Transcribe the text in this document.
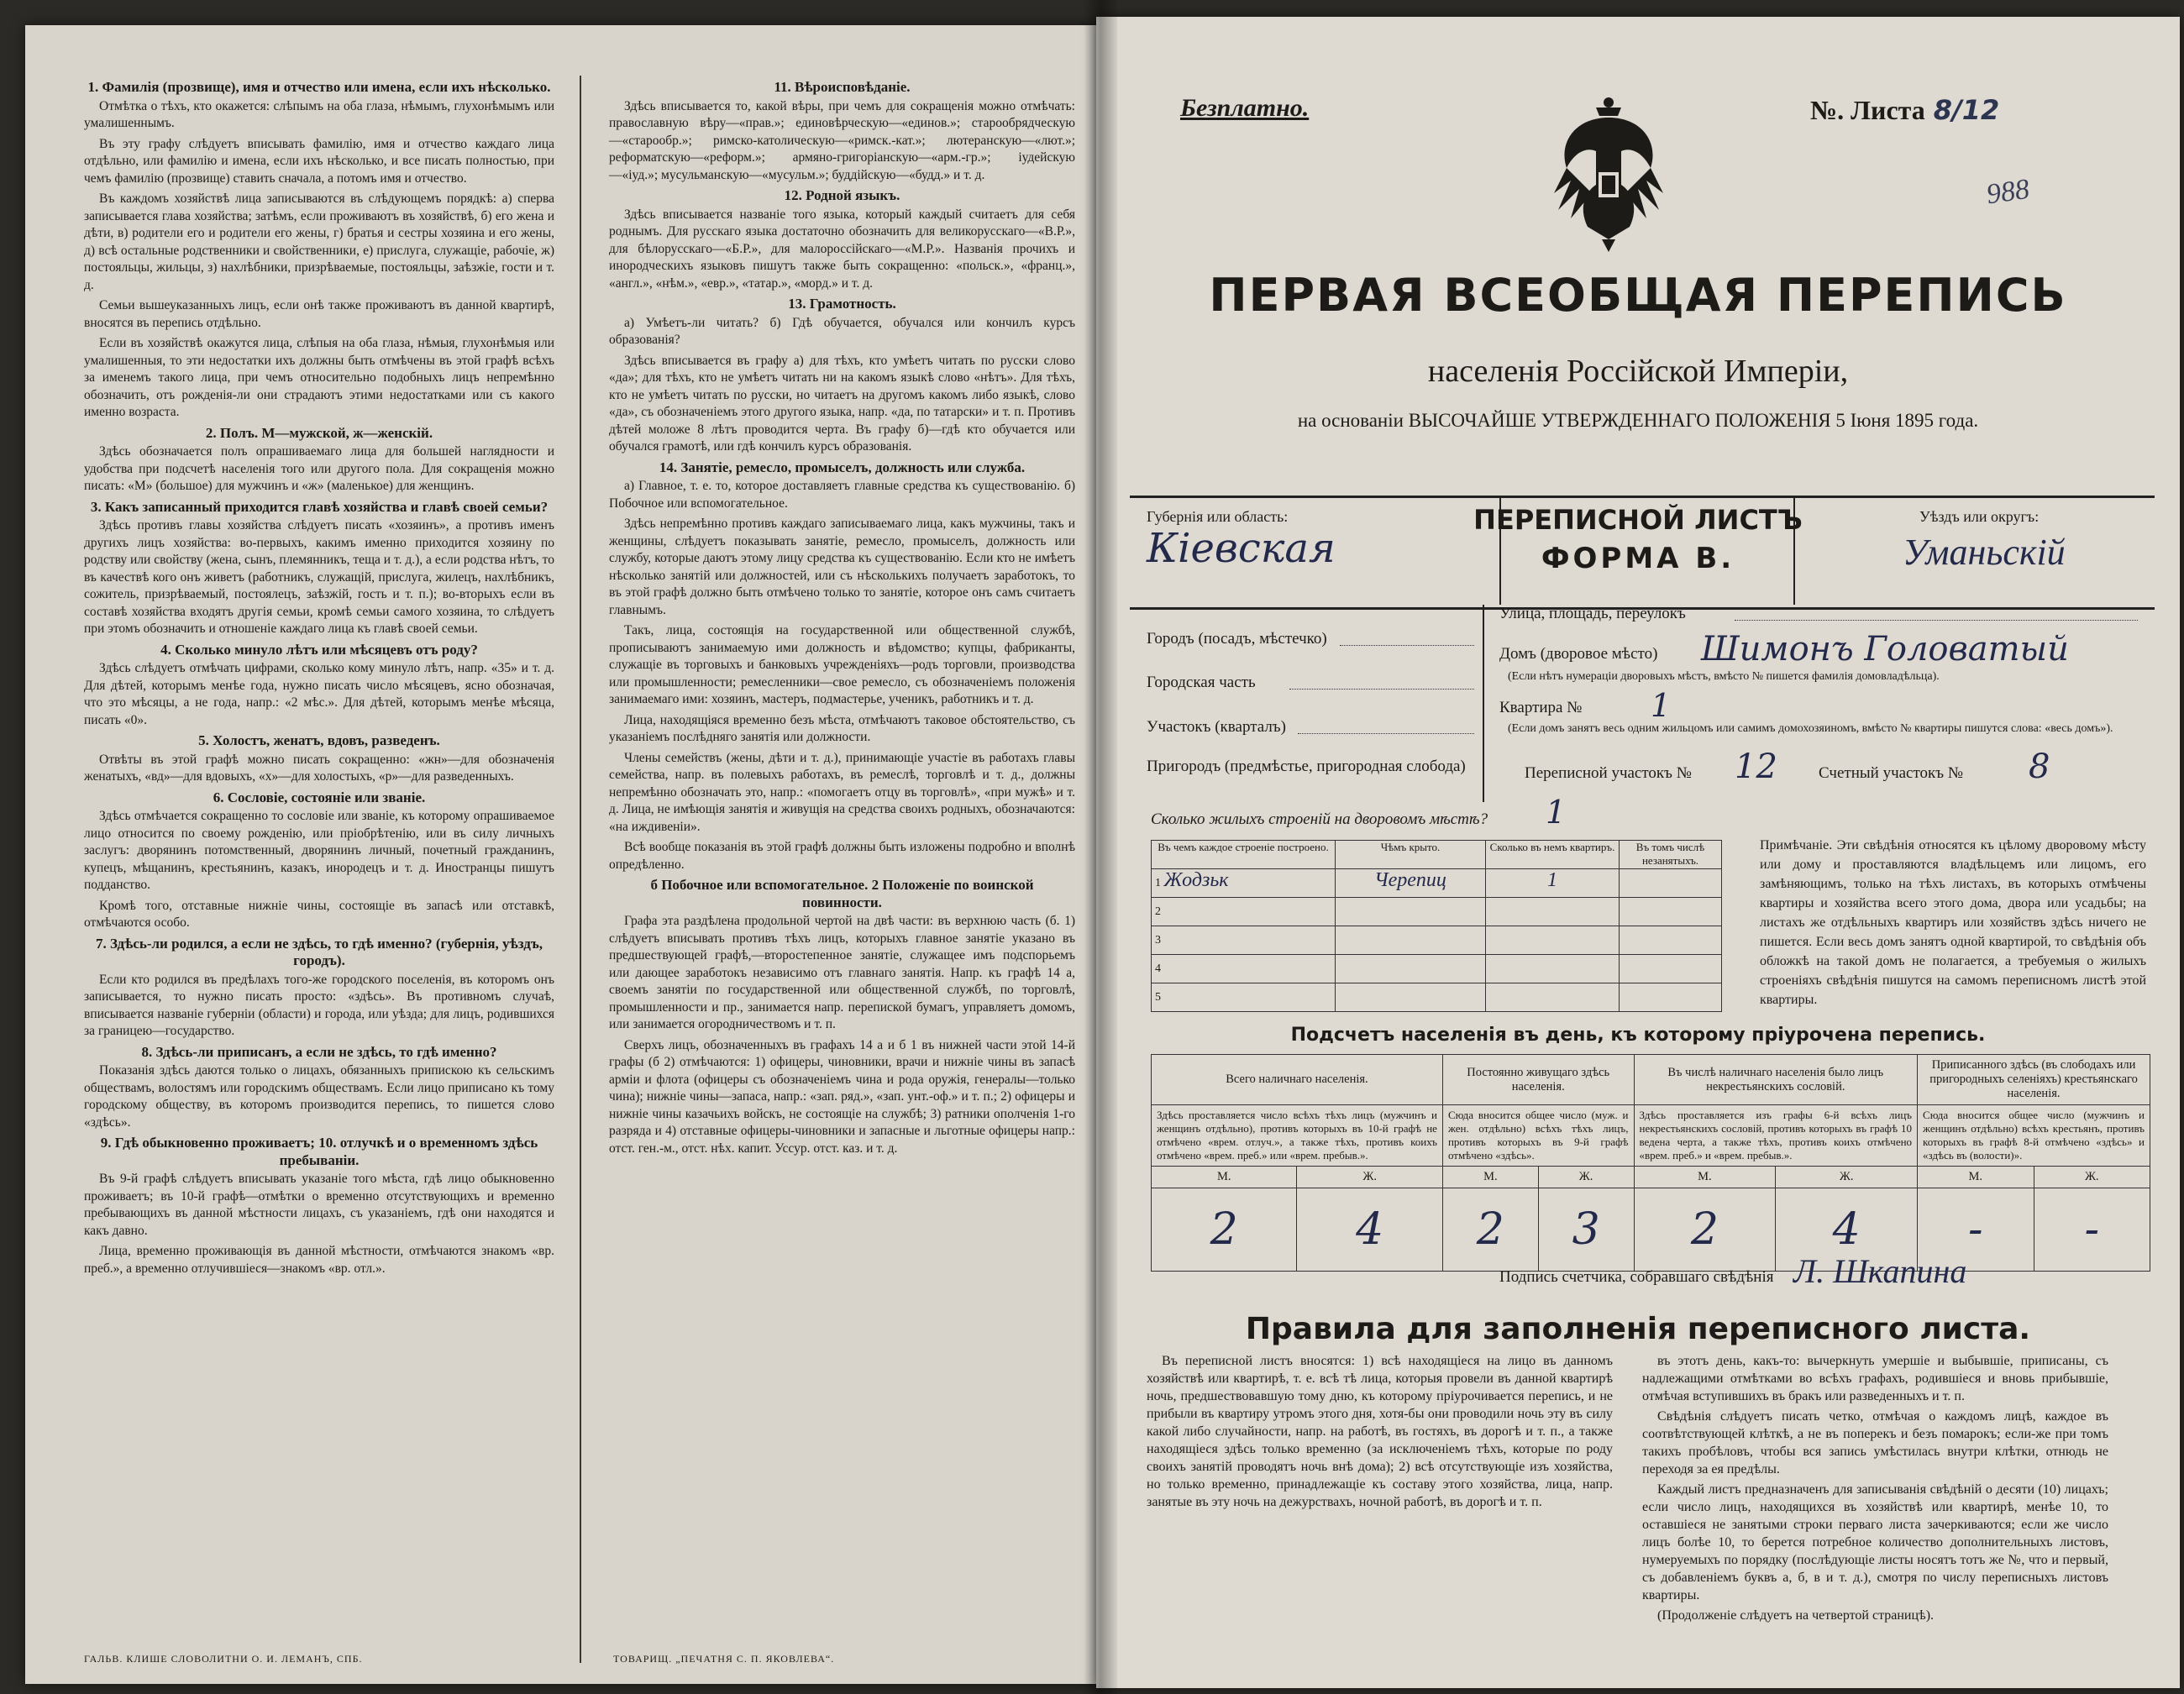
1. Фамилія (прозвище), имя и отчество или имена, если ихъ нѣсколько.

Отмѣтка о тѣхъ, кто окажется: слѣпымъ на оба глаза, нѣмымъ, глухонѣмымъ или умалишеннымъ.

Въ эту графу слѣдуетъ вписывать фамилію, имя и отчество каждаго лица отдѣльно, или фамилію и имена, если ихъ нѣсколько, и все писать полностью, при чемъ фамилію (прозвище) ставить сначала, а потомъ имя и отчество.

Въ каждомъ хозяйствѣ лица записываются въ слѣдующемъ порядкѣ: а) сперва записывается глава хозяйства; затѣмъ, если проживаютъ въ хозяйствѣ, б) его жена и дѣти, в) родители его и родители его жены, г) братья и сестры хозяина и его жены, д) всѣ остальные родственники и свойственники, е) прислуга, служащіе, рабочіе, ж) постояльцы, жильцы, з) нахлѣбники, призрѣваемые, постояльцы, заѣзжіе, гости и т. д.

Семьи вышеуказанныхъ лицъ, если онѣ также проживаютъ въ данной квартирѣ, вносятся въ перепись отдѣльно.

Если въ хозяйствѣ окажутся лица, слѣпыя на оба глаза, нѣмыя, глухонѣмыя или умалишенныя, то эти недостатки ихъ должны быть отмѣчены въ этой графѣ всѣхъ за именемъ такого лица, при чемъ относительно подобныхъ лицъ непремѣнно обозначить, отъ рожденія-ли они страдаютъ этими недостатками или съ какого именно возраста.

2. Полъ. М—мужской, ж—женскій.

Здѣсь обозначается полъ опрашиваемаго лица для большей наглядности и удобства при подсчетѣ населенія того или другого пола. Для сокращенія можно писать: «М» (большое) для мужчинъ и «ж» (маленькое) для женщинъ.

3. Какъ записанный приходится главѣ хозяйства и главѣ своей семьи?

Здѣсь противъ главы хозяйства слѣдуетъ писать «хозяинъ», а противъ именъ другихъ лицъ хозяйства: во-первыхъ, какимъ именно приходится хозяину по родству или свойству (жена, сынъ, племянникъ, теща и т. д.), а если родства нѣтъ, то въ качествѣ кого онъ живетъ (работникъ, служащій, прислуга, жилецъ, нахлѣбникъ, сожитель, призрѣваемый, постоялецъ, заѣзжій, гость и т. п.); во-вторыхъ если въ составѣ хозяйства входятъ другія семьи, кромѣ семьи самого хозяина, то слѣдуетъ при этомъ обозначить и отношеніе каждаго лица къ главѣ своей семьи.

4. Сколько минуло лѣтъ или мѣсяцевъ отъ роду?

Здѣсь слѣдуетъ отмѣчать цифрами, сколько кому минуло лѣтъ, напр. «35» и т. д. Для дѣтей, которымъ менѣе года, нужно писать число мѣсяцевъ, ясно обозначая, что это мѣсяцы, а не года, напр.: «2 мѣс.». Для дѣтей, которымъ менѣе мѣсяца, писать «0».

5. Холостъ, женатъ, вдовъ, разведенъ.

Отвѣты въ этой графѣ можно писать сокращенно: «жн»—для обозначенія женатыхъ, «вд»—для вдовыхъ, «х»—для холостыхъ, «р»—для разведенныхъ.

6. Сословіе, состояніе или званіе.

Здѣсь отмѣчается сокращенно то сословіе или званіе, къ которому опрашиваемое лицо относится по своему рожденію, или пріобрѣтенію, или въ силу личныхъ заслугъ: дворянинъ потомственный, дворянинъ личный, почетный гражданинъ, купецъ, мѣщанинъ, крестьянинъ, казакъ, инородецъ и т. д. Иностранцы пишутъ подданство.

Кромѣ того, отставные нижніе чины, состоящіе въ запасѣ или отставкѣ, отмѣчаются особо.

7. Здѣсь-ли родился, а если не здѣсь, то гдѣ именно? (губернія, уѣздъ, городъ).

Если кто родился въ предѣлахъ того-же городского поселенія, въ которомъ онъ записывается, то нужно писать просто: «здѣсь». Въ противномъ случаѣ, вписывается названіе губерніи (области) и города, или уѣзда; для лицъ, родившихся за границею—государство.

8. Здѣсь-ли приписанъ, а если не здѣсь, то гдѣ именно?

Показанія здѣсь даются только о лицахъ, обязанныхъ припискою къ сельскимъ обществамъ, волостямъ или городскимъ обществамъ. Если лицо приписано къ тому городскому обществу, въ которомъ производится перепись, то пишется слово «здѣсь».

9. Гдѣ обыкновенно проживаетъ; 10. отлучкѣ и о временномъ здѣсь пребываніи.

Въ 9-й графѣ слѣдуетъ вписывать указаніе того мѣста, гдѣ лицо обыкновенно проживаетъ; въ 10-й графѣ—отмѣтки о временно отсутствующихъ и временно пребывающихъ въ данной мѣстности лицахъ, съ указаніемъ, гдѣ они находятся и какъ давно.

Лица, временно проживающія въ данной мѣстности, отмѣчаются знакомъ «вр. преб.», а временно отлучившіеся—знакомъ «вр. отл.».

11. Вѣроисповѣданіе.

Здѣсь вписывается то, какой вѣры, при чемъ для сокращенія можно отмѣчать: православную вѣру—«прав.»; единовѣрческую—«единов.»; старообрядческую—«старообр.»; римско-католическую—«римск.-кат.»; лютеранскую—«лют.»; реформатскую—«реформ.»; армяно-григоріанскую—«арм.-гр.»; іудейскую—«іуд.»; мусульманскую—«мусульм.»; буддійскую—«будд.» и т. д.

12. Родной языкъ.

Здѣсь вписывается названіе того языка, который каждый считаетъ для себя роднымъ. Для русскаго языка достаточно обозначить для великорусскаго—«В.Р.», для бѣлорусскаго—«Б.Р.», для малороссійскаго—«М.Р.». Названія прочихъ и инородческихъ языковъ пишутъ также быть сокращенно: «польск.», «франц.», «англ.», «нѣм.», «евр.», «татар.», «морд.» и т. д.

13. Грамотность.

а) Умѣетъ-ли читать? б) Гдѣ обучается, обучался или кончилъ курсъ образованія?

Здѣсь вписывается въ графу а) для тѣхъ, кто умѣетъ читать по русски слово «да»; для тѣхъ, кто не умѣетъ читать ни на какомъ языкѣ слово «нѣтъ». Для тѣхъ, кто не умѣетъ читать по русски, но читаетъ на другомъ какомъ либо языкѣ, слово «да», съ обозначеніемъ этого другого языка, напр. «да, по татарски» и т. п. Противъ дѣтей моложе 8 лѣтъ проводится черта. Въ графу б)—гдѣ кто обучается или обучался грамотѣ, или гдѣ кончилъ курсъ образованія.

14. Занятіе, ремесло, промыселъ, должность или служба.

а) Главное, т. е. то, которое доставляетъ главные средства къ существованію. б) Побочное или вспомогательное.

Здѣсь непремѣнно противъ каждаго записываемаго лица, какъ мужчины, такъ и женщины, слѣдуетъ показывать занятіе, ремесло, промыселъ, должность или службу, которые даютъ этому лицу средства къ существованію. Если кто не имѣетъ нѣсколько занятій или должностей, или съ нѣсколькихъ получаетъ заработокъ, то въ этой графѣ должно быть отмѣчено только то занятіе, которое онъ самъ считаетъ главнымъ.

Такъ, лица, состоящія на государственной или общественной службѣ, прописываютъ занимаемую ими должность и вѣдомство; купцы, фабриканты, служащіе въ торговыхъ и банковыхъ учрежденіяхъ—родъ торговли, производства или промышленности; ремесленники—свое ремесло, съ обозначеніемъ положенія занимаемаго ими: хозяинъ, мастеръ, подмастерье, ученикъ, работникъ и т. д.

Лица, находящіяся временно безъ мѣста, отмѣчаютъ таковое обстоятельство, съ указаніемъ послѣдняго занятія или должности.

Члены семействъ (жены, дѣти и т. д.), принимающіе участіе въ работахъ главы семейства, напр. въ полевыхъ работахъ, въ ремеслѣ, торговлѣ и т. д., должны непремѣнно обозначать это, напр.: «помогаетъ отцу въ торговлѣ», «при мужѣ» и т. д. Лица, не имѣющія занятія и живущія на средства своихъ родныхъ, обозначаются: «на иждивеніи».

Всѣ вообще показанія въ этой графѣ должны быть изложены подробно и вполнѣ опредѣленно.

б Побочное или вспомогательное. 2 Положеніе по воинской повинности.

Графа эта раздѣлена продольной чертой на двѣ части: въ верхнюю часть (б. 1) слѣдуетъ вписывать противъ тѣхъ лицъ, которыхъ главное занятіе указано въ предшествующей графѣ,—второстепенное занятіе, служащее имъ подспорьемъ или дающее заработокъ независимо отъ главнаго занятія. Напр. къ графѣ 14 а, своемъ занятіи по государственной или общественной службѣ, по торговлѣ, промышленности и пр., занимается напр. перепиской бумагъ, управляетъ домомъ, или занимается огородничествомъ и т. п.

Сверхъ лицъ, обозначенныхъ въ графахъ 14 а и б 1 въ нижней части этой 14-й графы (б 2) отмѣчаются: 1) офицеры, чиновники, врачи и нижніе чины въ запасѣ арміи и флота (офицеры съ обозначеніемъ чина и рода оружія, генералы—только чина); нижніе чины—запаса, напр.: «зап. ряд.», «зап. унт.-оф.» и т. п.; 2) офицеры и нижніе чины казачьихъ войскъ, не состоящіе на службѣ; 3) ратники ополченія 1-го разряда и 4) отставные офицеры-чиновники и запасные и льготные офицеры напр.: отст. ген.-м., отст. нѣх. капит. Уссур. отст. каз. и т. д.

ГАЛЬВ. КЛИШЕ СЛОВОЛИТНИ О. И. ЛЕМАНЪ, СПБ.	ТОВАРИЩ. „ПЕЧАТНЯ С. П. ЯКОВЛЕВА“.
Безплатно.	№. Листа 8/12
988
ПЕРВАЯ ВСЕОБЩАЯ ПЕРЕПИСЬ
населенія Россійской Имперіи,
на основаніи ВЫСОЧАЙШЕ УТВЕРЖДЕННАГО ПОЛОЖЕНІЯ 5 Іюня 1895 года.
Губернія или область:
Кіевская
ПЕРЕПИСНОЙ ЛИСТЪ
ФОРМА В.
Уѣздъ или округъ:
Уманьскій
Городъ (посадъ, мѣстечко)
Городская часть
Участокъ (кварталъ)
Пригородъ (предмѣстье, пригородная слобода)
Улица, площадь, переулокъ
Домъ (дворовое мѣсто) Шимонъ Головатый
(Если нѣтъ нумераціи дворовыхъ мѣстъ, вмѣсто № пишется фамилія домовладѣльца).
Квартира № 1
(Если домъ занятъ весь одним жильцомъ или самимъ домохозяиномъ, вмѣсто № квартиры пишутся слова: «весь домъ»).
Переписной участокъ № 12	Счетный участокъ № 8
Сколько жилыхъ строеній на дворовомъ мѣстѣ? 1
Въ чемъ каждое строеніе построено.	Чѣмъ крыто.	Сколько въ немъ квартиръ.	Въ томъ числѣ незанятыхъ.
1 Жодзьк	Черепиц	1	
2			
3			
4			
5			
Примѣчаніе. Эти свѣдѣнія относятся къ цѣлому дворовому мѣсту или дому и проставляются владѣльцемъ или лицомъ, его замѣняющимъ, только на тѣхъ листахъ, въ которыхъ отмѣчены квартиры и хозяйства всего этого дома, двора или усадьбы; на листахъ же отдѣльныхъ квартиръ или хозяйствъ здѣсь ничего не пишется. Если весь домъ занятъ одной квартирой, то свѣдѣнія объ обложкѣ на такой домъ не полагается, а требуемыя о жилыхъ строеніяхъ свѣдѣнія пишутся на самомъ переписномъ листѣ этой квартиры.
Подсчетъ населенія въ день, къ которому пріурочена перепись.
Всего наличнаго населенія.		Постоянно живущаго здѣсь населенія.		Въ числѣ наличнаго населенія было лицъ некрестьянскихъ сословій.		Приписанного здѣсь (въ слободахъ или пригородныхъ селеніяхъ) крестьянскаго населенія.	
Здѣсь проставляется число всѣхъ тѣхъ лицъ (мужчинъ и женщинъ отдѣльно), противъ которыхъ въ 10-й графѣ не отмѣчено «врем. отлуч.», а также тѣхъ, противъ коихъ отмѣчено «врем. преб.» или «врем. пребыв.».		Сюда вносится общее число (муж. и жен. отдѣльно) всѣхъ тѣхъ лицъ, противъ которыхъ въ 9-й графѣ отмѣчено «здѣсь».		Здѣсь проставляется изъ графы 6-й всѣхъ лицъ некрестьянскихъ сословій, противъ которыхъ въ графѣ 10 ведена черта, а также тѣхъ, противъ коихъ отмѣчено «врем. преб.» и «врем. пребыв.».		Сюда вносится общее число (мужчинъ и женщинъ отдѣльно) всѣхъ крестьянъ, противъ которыхъ въ графѣ 8-й отмѣчено «здѣсь» и «здѣсь въ (волости)».	
М.	Ж.	М.	Ж.	М.	Ж.	М.	Ж.
2	4	2	3	2	4	-	-
Подпись счетчика, собравшаго свѣдѣнія Л. Шкапина
Правила для заполненія переписного листа.

Въ переписной листъ вносятся: 1) всѣ находящіеся на лицо въ данномъ хозяйствѣ или квартирѣ, т. е. всѣ тѣ лица, которыя провели въ данной квартирѣ ночь, предшествовавшую тому дню, къ которому пріурочивается перепись, и не прибыли въ квартиру утромъ этого дня, хотя-бы они проводили ночь эту въ силу какой либо случайности, напр. на работѣ, въ гостяхъ, въ дорогѣ и т. п., а также находящіеся здѣсь только временно (за исключеніемъ тѣхъ, которые по роду своихъ занятій проводятъ ночь внѣ дома); 2) всѣ отсутствующіе изъ хозяйства, но только временно, принадлежащіе къ составу этого хозяйства, лица, напр. занятые въ эту ночь на дежурствахъ, ночной работѣ, въ дорогѣ и т. п.

въ этотъ день, какъ-то: вычеркнуть умершіе и выбывшіе, приписаны, съ надлежащими отмѣтками во всѣхъ графахъ, родившіеся и вновь прибывшіе, отмѣчая вступившихъ въ бракъ или разведенныхъ и т. п.

Свѣдѣнія слѣдуетъ писать четко, отмѣчая о каждомъ лицѣ, каждое въ соотвѣтствующей клѣткѣ, а не въ поперекъ и безъ помарокъ; если-же при томъ такихъ пробѣловъ, чтобы вся запись умѣстилась внутри клѣтки, отнюдь не переходя за ея предѣлы.

Каждый листъ предназначенъ для записыванія свѣдѣній о десяти (10) лицахъ; если число лицъ, находящихся въ хозяйствѣ или квартирѣ, менѣе 10, то оставшіеся не занятыми строки перваго листа зачеркиваются; если же число лицъ болѣе 10, то берется потребное количество дополнительныхъ листовъ, нумеруемыхъ по порядку (послѣдующіе листы носятъ тотъ же №, что и первый, съ добавленіемъ буквъ а, б, в и т. д.), смотря по числу переписныхъ листовъ квартиры.

(Продолженіе слѣдуетъ на четвертой страницѣ).
